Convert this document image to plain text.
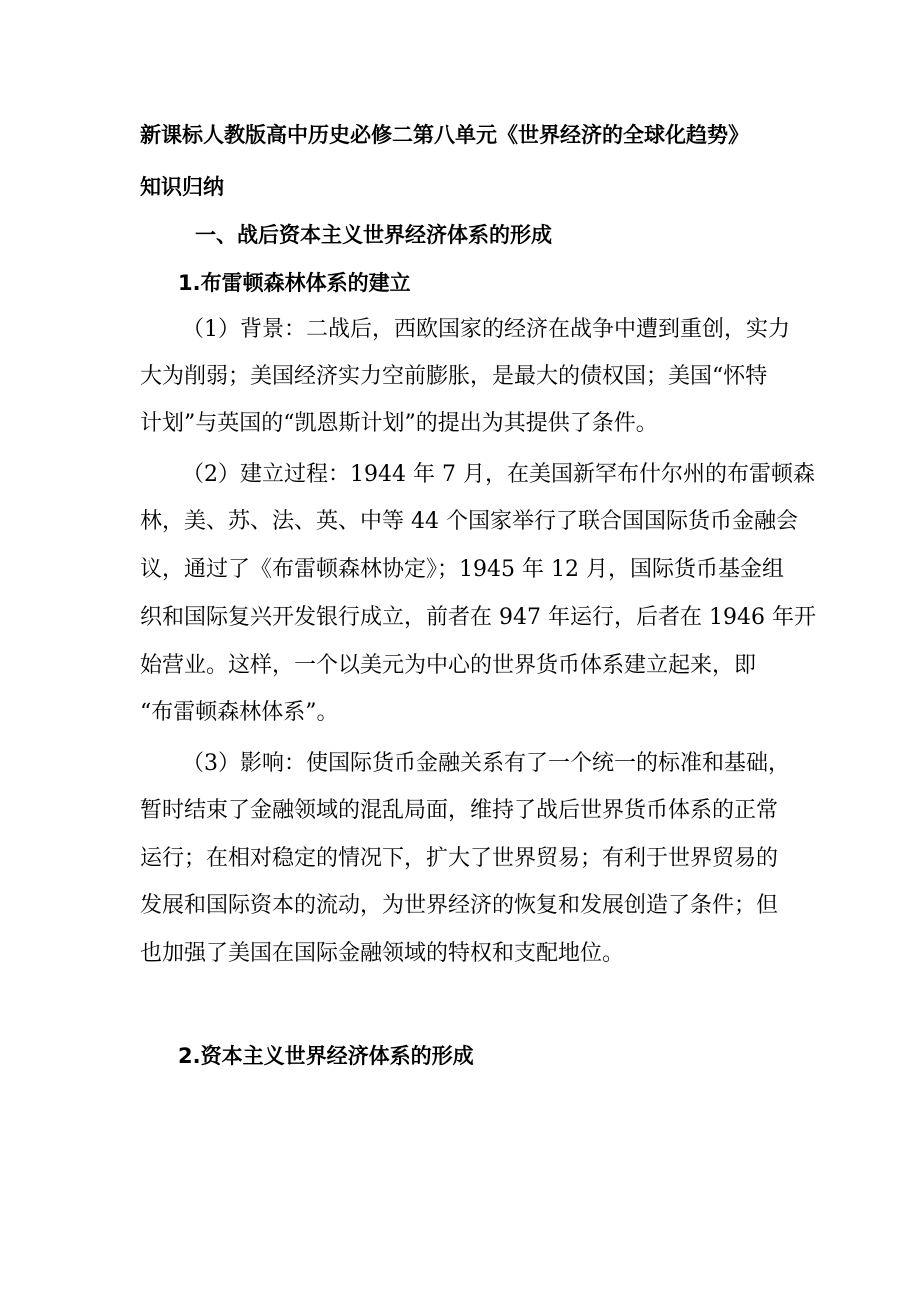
新课标人教版高中历史必修二第八单元《世界经济的全球化趋势》
知识归纳
一、战后资本主义世界经济体系的形成
1.布雷顿森林体系的建立
（1）背景：二战后，西欧国家的经济在战争中遭到重创，实力
大为削弱；美国经济实力空前膨胀，是最大的债权国；美国“怀特
计划”与英国的“凯恩斯计划”的提出为其提供了条件。
（2）建立过程：1944 年 7 月，在美国新罕布什尔州的布雷顿森
林，美、苏、法、英、中等 44 个国家举行了联合国国际货币金融会
议，通过了《布雷顿森林协定》；1945 年 12 月，国际货币基金组
织和国际复兴开发银行成立，前者在 947 年运行，后者在 1946 年开
始营业。这样，一个以美元为中心的世界货币体系建立起来，即
“布雷顿森林体系”。
（3）影响：使国际货币金融关系有了一个统一的标准和基础，
暂时结束了金融领域的混乱局面，维持了战后世界货币体系的正常
运行；在相对稳定的情况下，扩大了世界贸易；有利于世界贸易的
发展和国际资本的流动，为世界经济的恢复和发展创造了条件；但
也加强了美国在国际金融领域的特权和支配地位。
2.资本主义世界经济体系的形成
